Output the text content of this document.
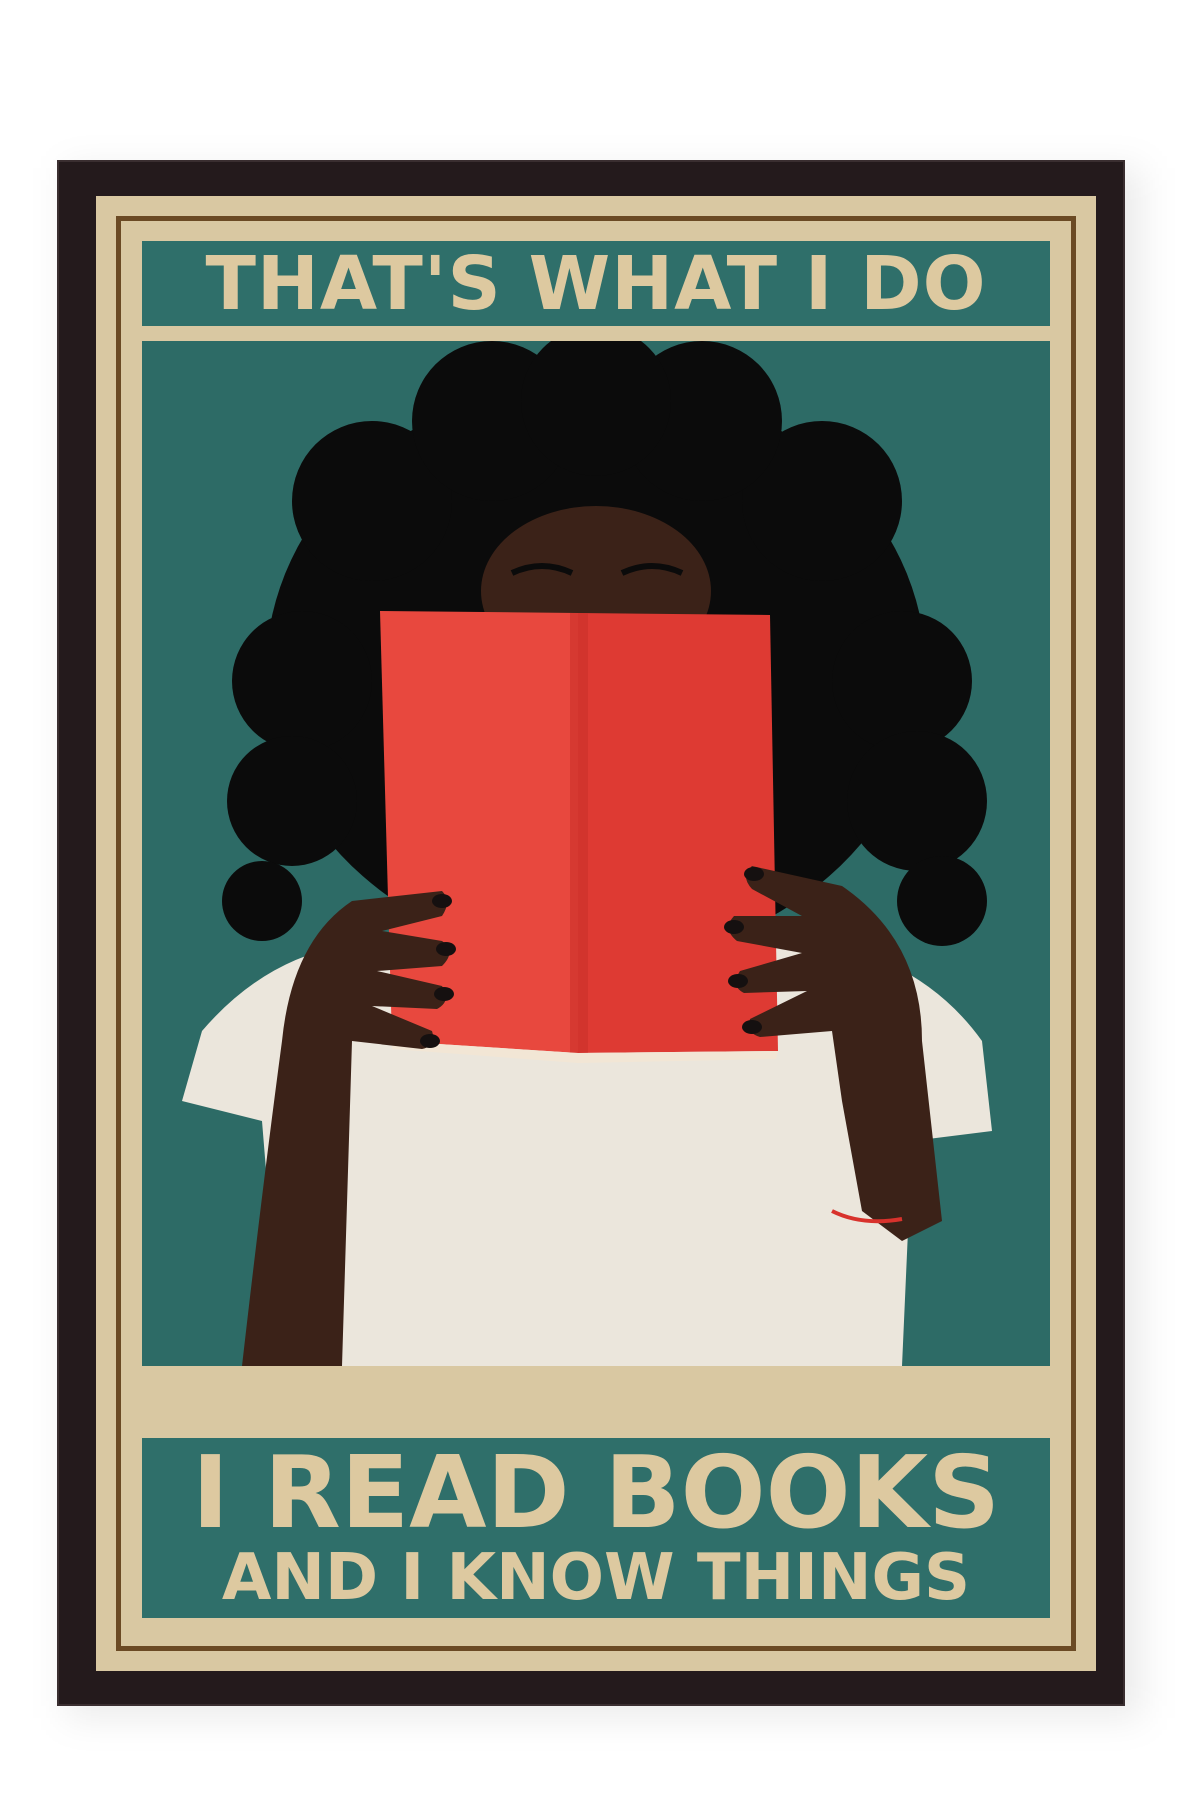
THAT'S WHAT I DO
I READ BOOKS
AND I KNOW THINGS
